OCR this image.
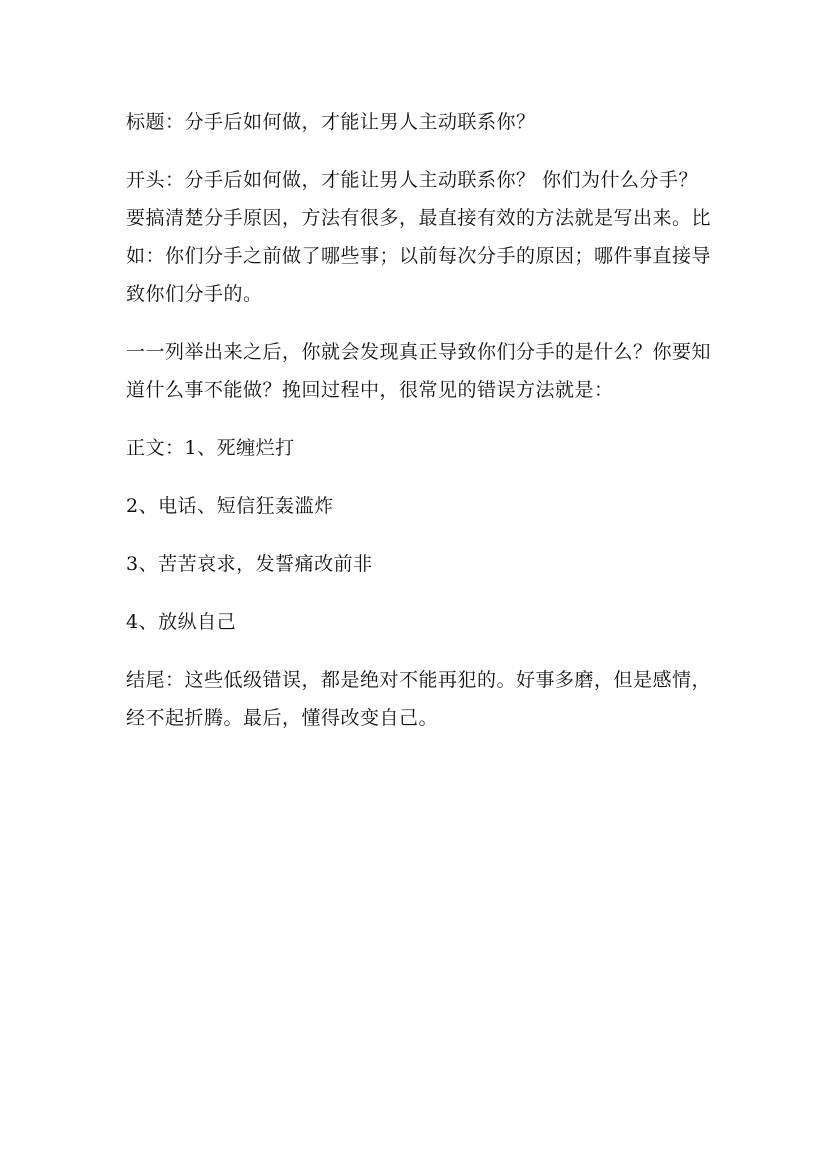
标题：分手后如何做，才能让男人主动联系你？

开头：分手后如何做，才能让男人主动联系你？ 你们为什么分手？要搞清楚分手原因，方法有很多，最直接有效的方法就是写出来。比如：你们分手之前做了哪些事；以前每次分手的原因；哪件事直接导致你们分手的。

一一列举出来之后，你就会发现真正导致你们分手的是什么？你要知道什么事不能做？挽回过程中，很常见的错误方法就是：

正文：1、死缠烂打

2、电话、短信狂轰滥炸

3、苦苦哀求，发誓痛改前非

4、放纵自己

结尾：这些低级错误，都是绝对不能再犯的。好事多磨，但是感情，经不起折腾。最后，懂得改变自己。
